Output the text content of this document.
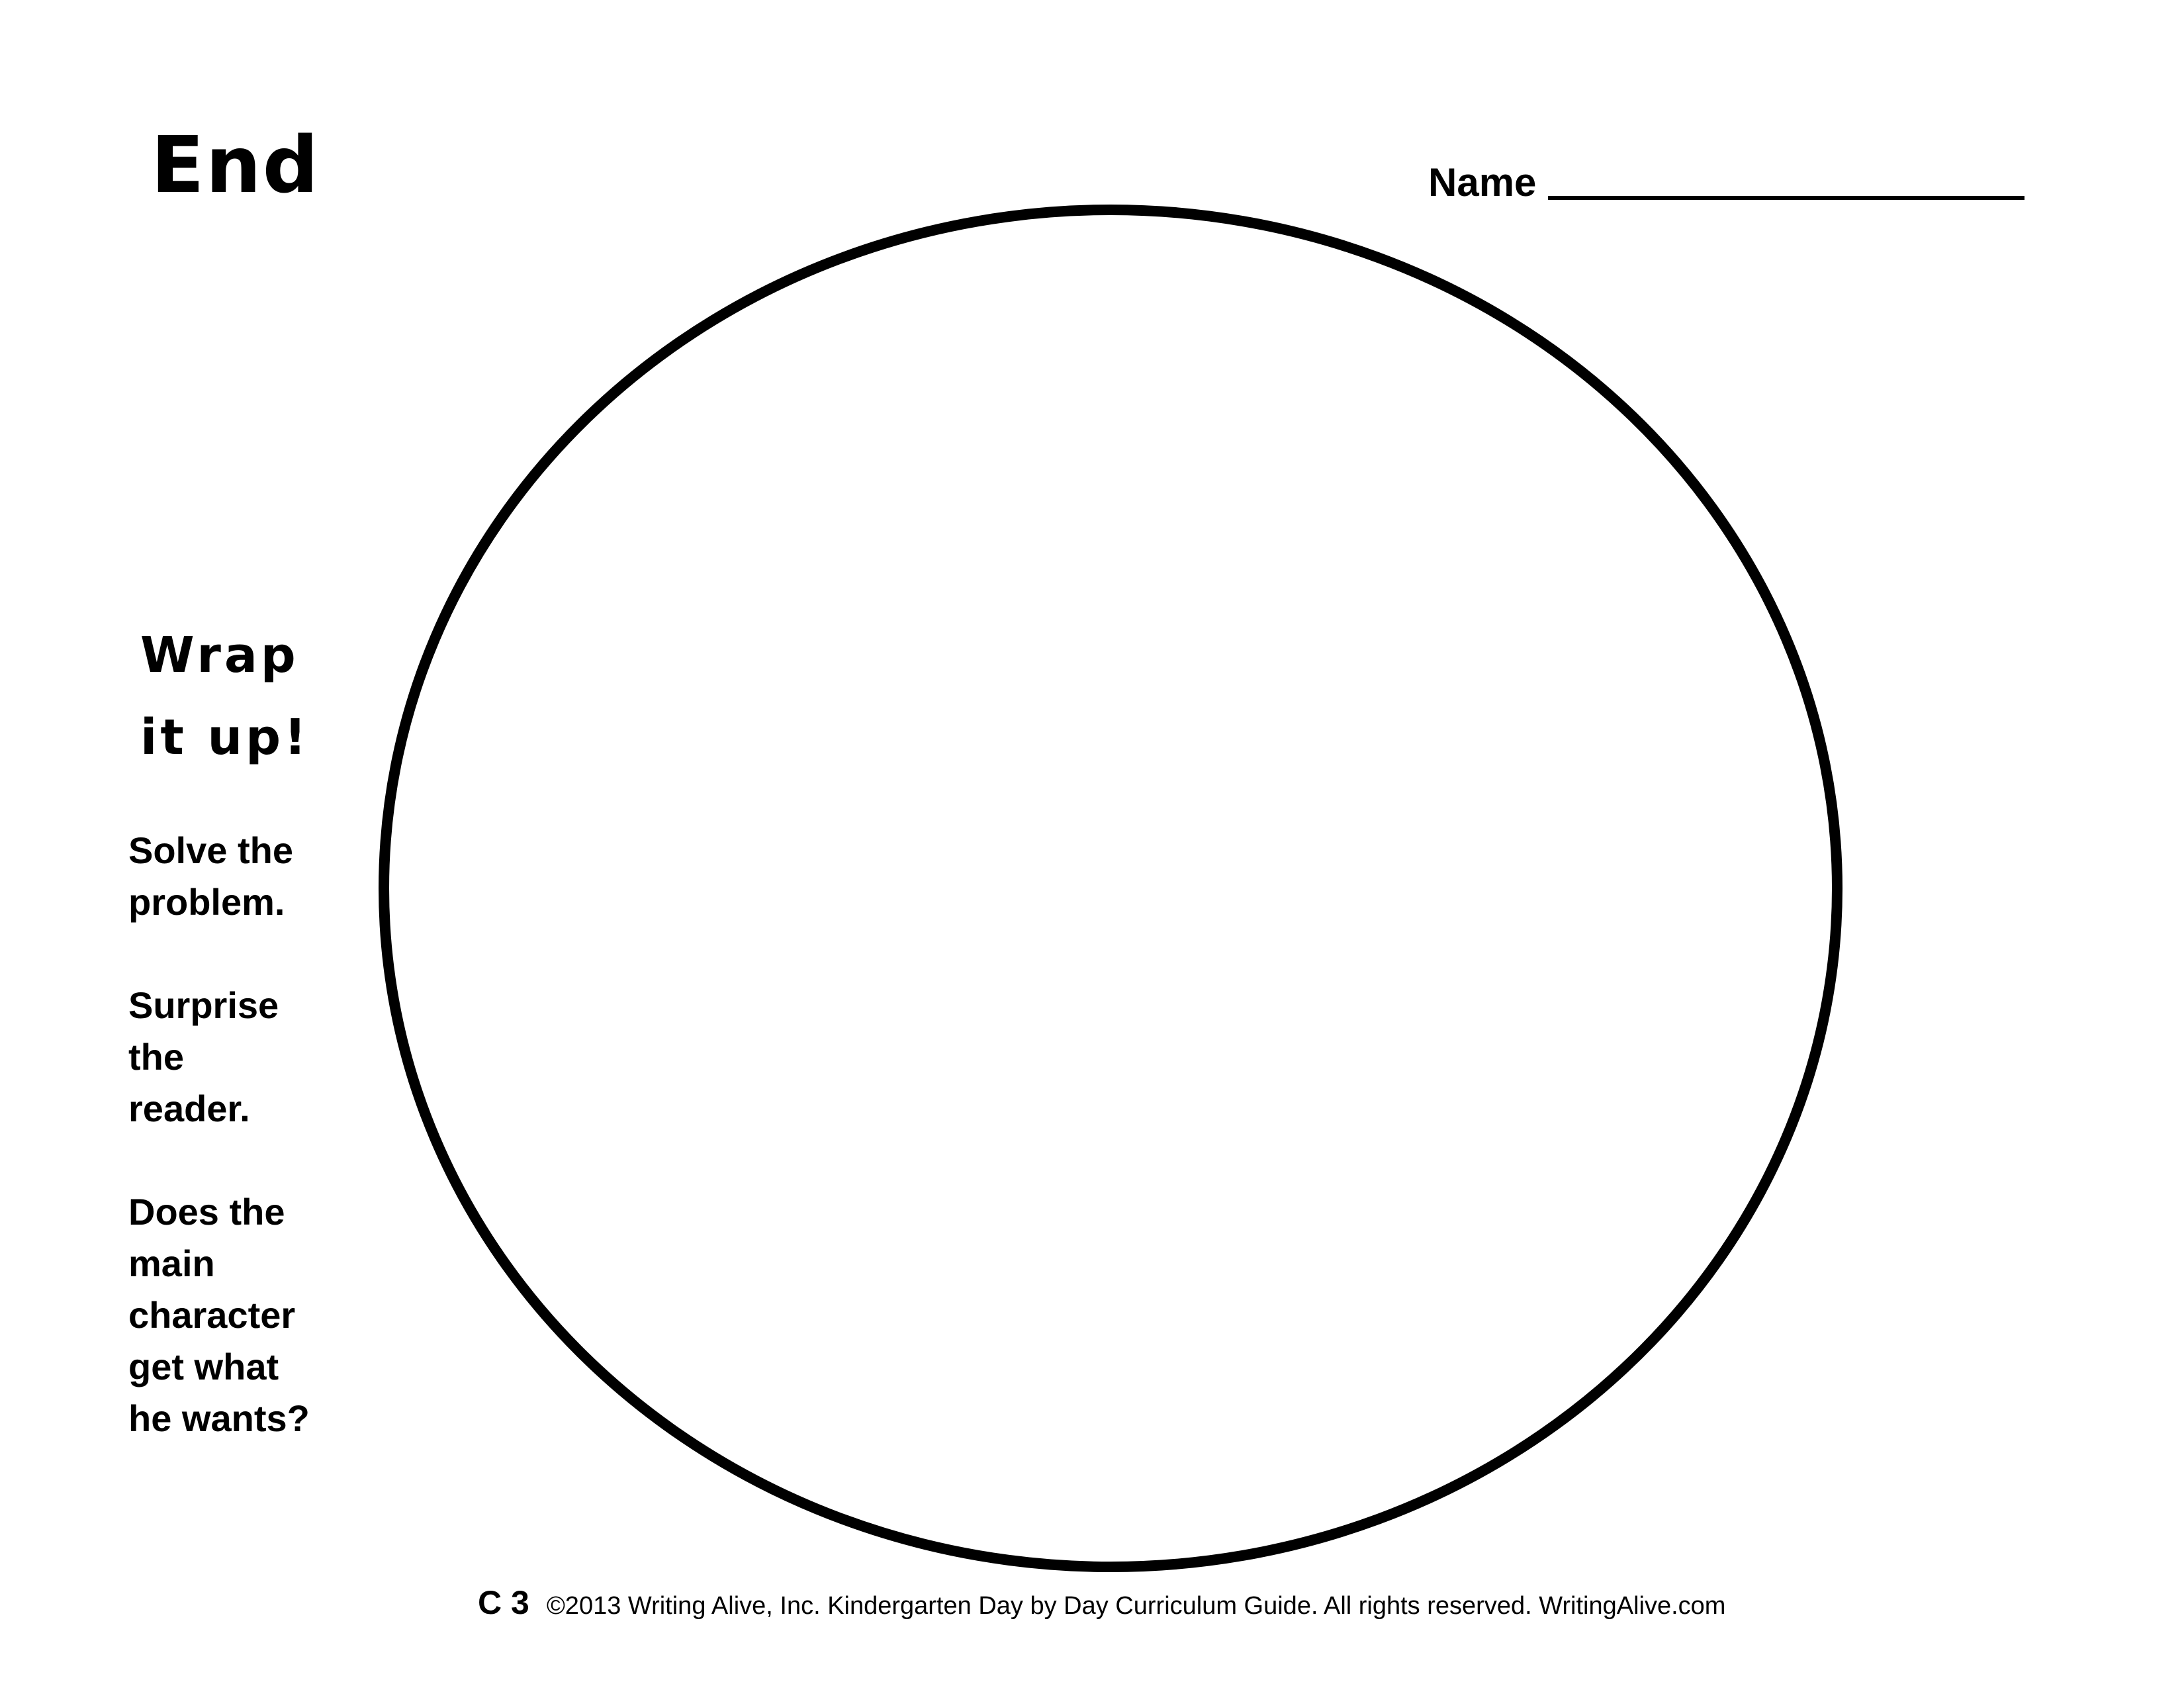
End	Name
Wrap it up!
Solve the
problem.
Surprise
the
reader.
Does the
main
character
get what
he wants?
C 3 ©2013 Writing Alive, Inc. Kindergarten Day by Day Curriculum Guide. All rights reserved. WritingAlive.com
